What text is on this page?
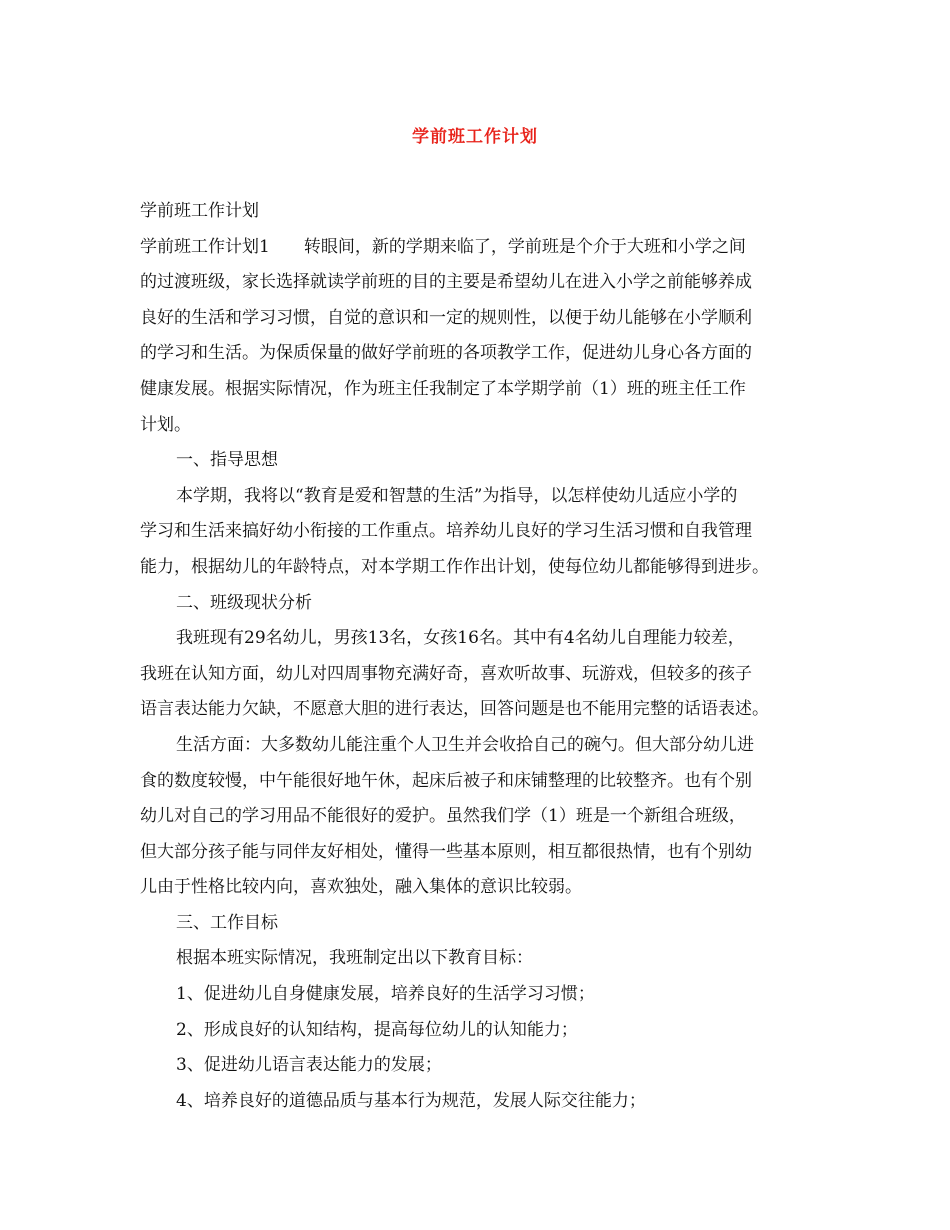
学前班工作计划
学前班工作计划
学前班工作计划1　　转眼间，新的学期来临了，学前班是个介于大班和小学之间
的过渡班级，家长选择就读学前班的目的主要是希望幼儿在进入小学之前能够养成
良好的生活和学习习惯，自觉的意识和一定的规则性，以便于幼儿能够在小学顺利
的学习和生活。为保质保量的做好学前班的各项教学工作，促进幼儿身心各方面的
健康发展。根据实际情况，作为班主任我制定了本学期学前（1）班的班主任工作
计划。
一、指导思想
本学期，我将以“教育是爱和智慧的生活”为指导，以怎样使幼儿适应小学的
学习和生活来搞好幼小衔接的工作重点。培养幼儿良好的学习生活习惯和自我管理
能力，根据幼儿的年龄特点，对本学期工作作出计划，使每位幼儿都能够得到进步。
二、班级现状分析
我班现有29名幼儿，男孩13名，女孩16名。其中有4名幼儿自理能力较差，
我班在认知方面，幼儿对四周事物充满好奇，喜欢听故事、玩游戏，但较多的孩子
语言表达能力欠缺，不愿意大胆的进行表达，回答问题是也不能用完整的话语表述。
生活方面：大多数幼儿能注重个人卫生并会收拾自己的碗勺。但大部分幼儿进
食的数度较慢，中午能很好地午休，起床后被子和床铺整理的比较整齐。也有个别
幼儿对自己的学习用品不能很好的爱护。虽然我们学（1）班是一个新组合班级，
但大部分孩子能与同伴友好相处，懂得一些基本原则，相互都很热情，也有个别幼
儿由于性格比较内向，喜欢独处，融入集体的意识比较弱。
三、工作目标
根据本班实际情况，我班制定出以下教育目标：
1、促进幼儿自身健康发展，培养良好的生活学习习惯；
2、形成良好的认知结构，提高每位幼儿的认知能力；
3、促进幼儿语言表达能力的发展；
4、培养良好的道德品质与基本行为规范，发展人际交往能力；
